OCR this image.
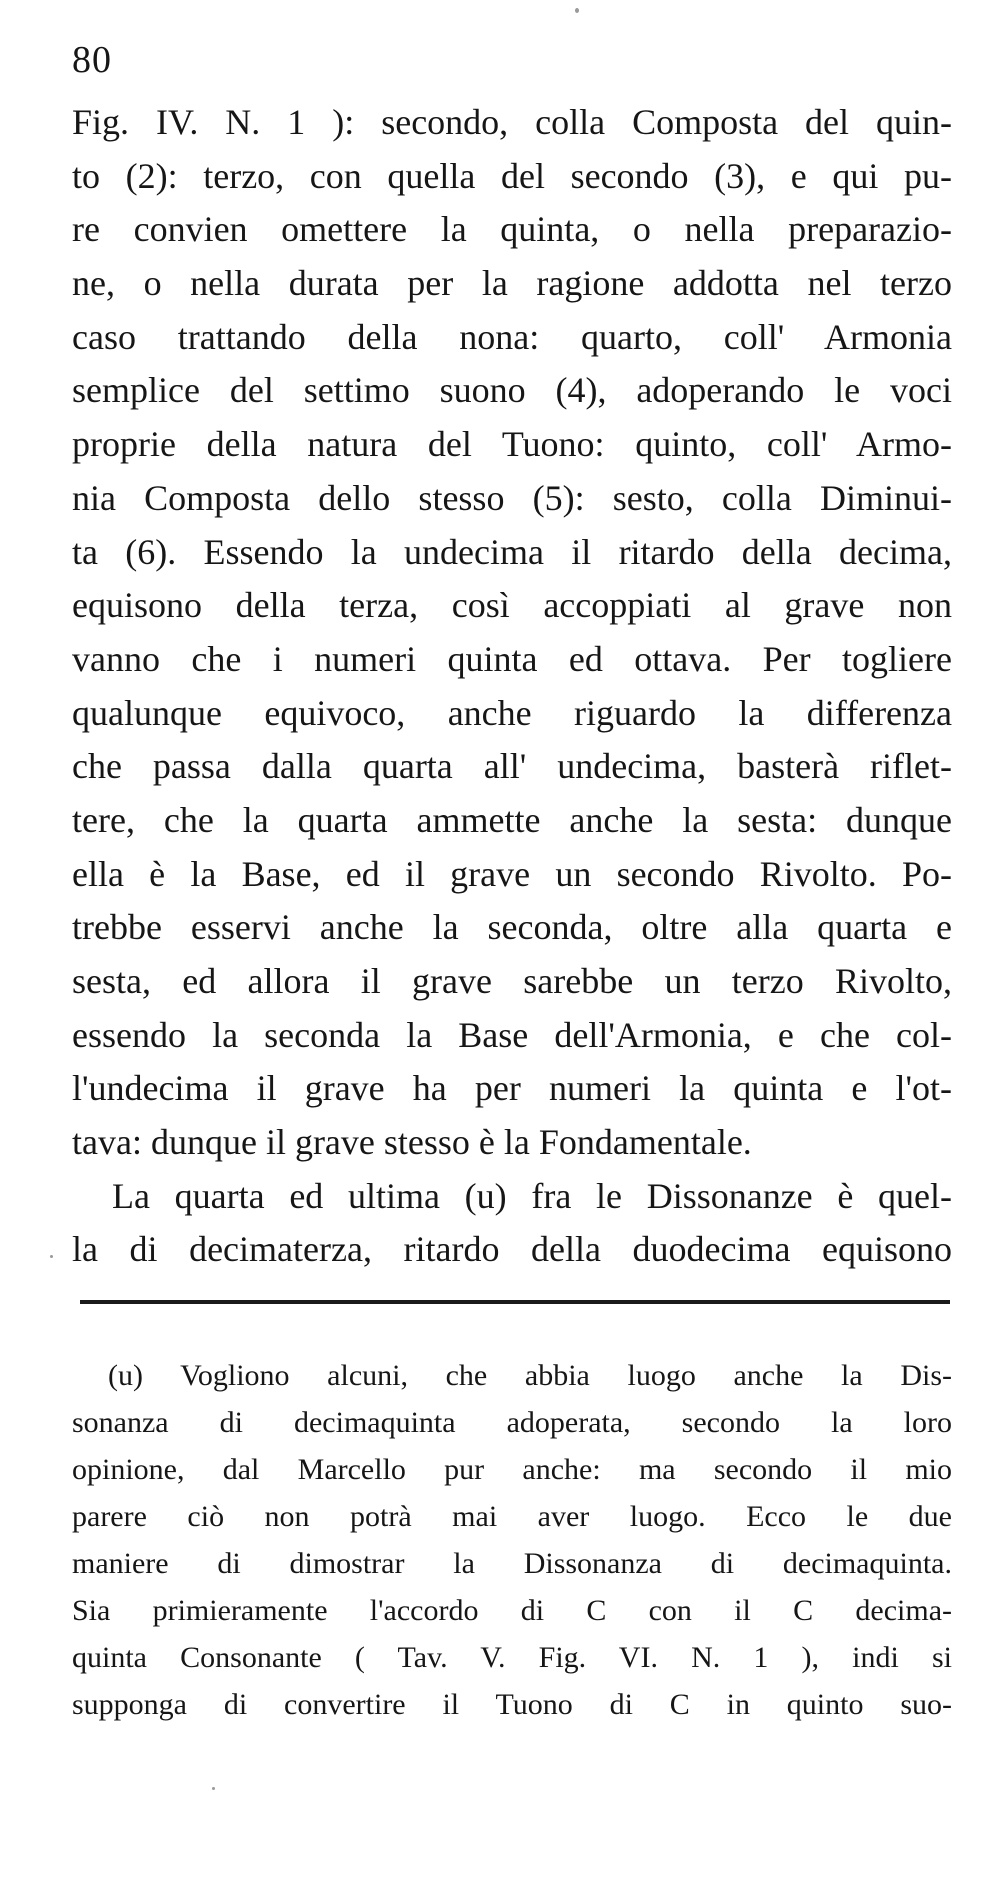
80
Fig. IV. N. 1 ): secondo, colla Composta del quin-
to (2): terzo, con quella del secondo (3), e qui pu-
re convien omettere la quinta, o nella preparazio-
ne, o nella durata per la ragione addotta nel terzo
caso trattando della nona: quarto, coll' Armonia
semplice del settimo suono (4), adoperando le voci
proprie della natura del Tuono: quinto, coll' Armo-
nia Composta dello stesso (5): sesto, colla Diminui-
ta (6). Essendo la undecima il ritardo della decima,
equisono della terza, così accoppiati al grave non
vanno che i numeri quinta ed ottava. Per togliere
qualunque equivoco, anche riguardo la differenza
che passa dalla quarta all' undecima, basterà riflet-
tere, che la quarta ammette anche la sesta: dunque
ella è la Base, ed il grave un secondo Rivolto. Po-
trebbe esservi anche la seconda, oltre alla quarta e
sesta, ed allora il grave sarebbe un terzo Rivolto,
essendo la seconda la Base dell'Armonia, e che col-
l'undecima il grave ha per numeri la quinta e l'ot-
tava: dunque il grave stesso è la Fondamentale.
La quarta ed ultima (u) fra le Dissonanze è quel-
la di decimaterza, ritardo della duodecima equisono
(u) Vogliono alcuni, che abbia luogo anche la Dis-
sonanza di decimaquinta adoperata, secondo la loro
opinione, dal Marcello pur anche: ma secondo il mio
parere ciò non potrà mai aver luogo. Ecco le due
maniere di dimostrar la Dissonanza di decimaquinta.
Sia primieramente l'accordo di C con il C decima-
quinta Consonante ( Tav. V. Fig. VI. N. 1 ), indi si
supponga di convertire il Tuono di C in quinto suo-
